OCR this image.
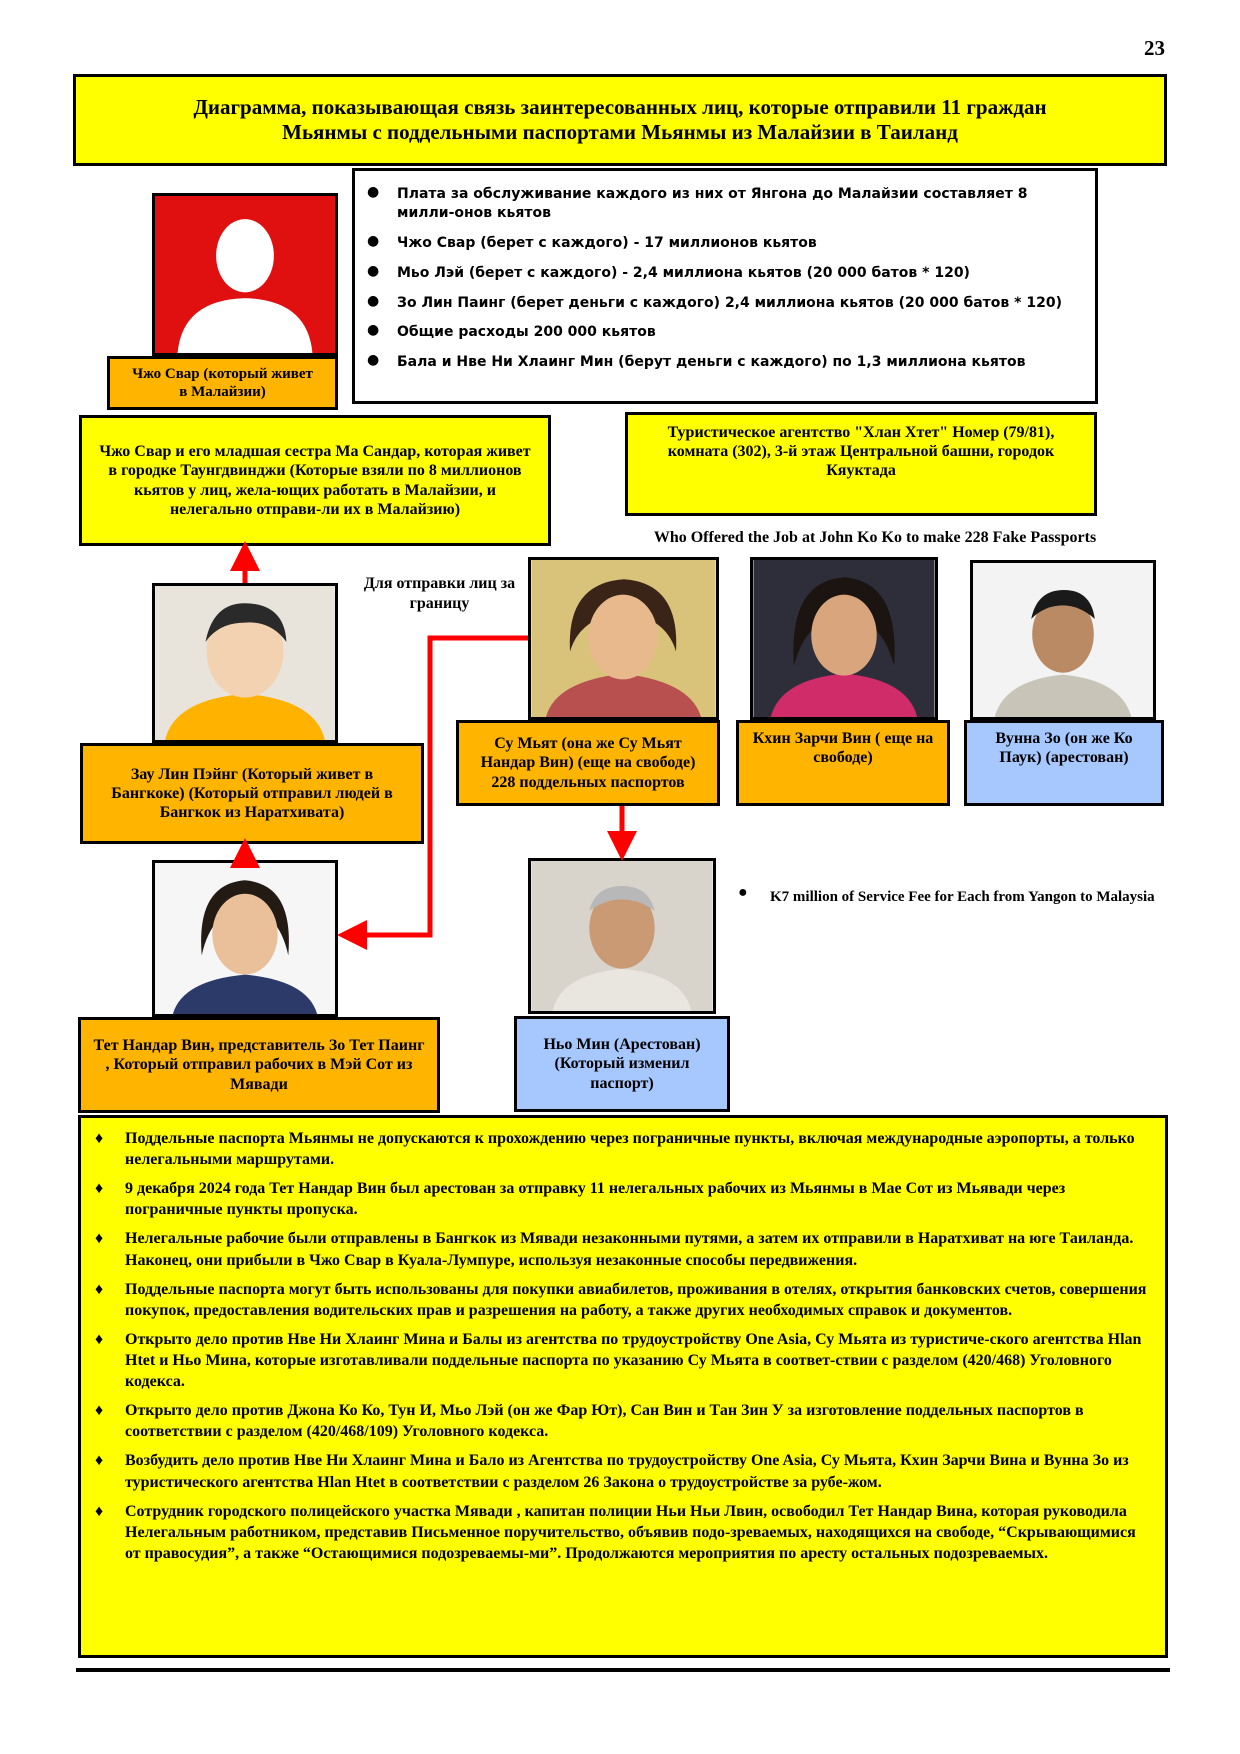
23
Диаграмма, показывающая связь заинтересованных лиц, которые отправили 11 граждан
Мьянмы с поддельными паспортами Мьянмы из Малайзии в Таиланд
● Плата за обслуживание каждого из них от Янгона до Малайзии составляет 8 милли-онов кьятов
● Чжо Свар (берет с каждого) - 17 миллионов кьятов
● Мьо Лэй (берет с каждого) - 2,4 миллиона кьятов (20 000 батов * 120)
● Зо Лин Паинг (берет деньги с каждого) 2,4 миллиона кьятов (20 000 батов * 120)
● Общие расходы 200 000 кьятов
● Бала и Нве Ни Хлаинг Мин (берут деньги с каждого) по 1,3 миллиона кьятов
Чжо Свар (который живет в Малайзии)
Чжо Свар и его младшая сестра Ма Сандар, которая живет в городке Таунгдвинджи (Которые взяли по 8 миллионов кьятов у лиц, жела-ющих работать в Малайзии, и нелегально отправи-ли их в Малайзию)
Туристическое агентство "Хлан Хтет" Номер (79/81), комната (302), 3-й этаж Центральной башни, городок Кяуктада
Who Offered the Job at John Ko Ko to make 228 Fake Passports
Для отправки лиц за границу
Зау Лин Пэйнг (Который живет в Бангкоке) (Который отправил людей в Бангкок из Наратхивата)
Су Мьят (она же Су Мьят Нандар Вин) (еще на свободе) 228 поддельных паспортов
Кхин Зарчи Вин ( еще на свободе)
Вунна Зо (он же Ко Паук) (арестован)
Тет Нандар Вин, представитель Зо Тет Паинг , Который отправил рабочих в Мэй Сот из Мявади
Ньо Мин (Арестован) (Который изменил паспорт)
● K7 million of Service Fee for Each from Yangon to Malaysia
♦ Поддельные паспорта Мьянмы не допускаются к прохождению через пограничные пункты, включая международные аэропорты, а только нелегальными маршрутами.
♦ 9 декабря 2024 года Тет Нандар Вин был арестован за отправку 11 нелегальных рабочих из Мьянмы в Мае Сот из Мьявади через пограничные пункты пропуска.
♦ Нелегальные рабочие были отправлены в Бангкок из Мявади незаконными путями, а затем их отправили в Наратхиват на юге Таиланда. Наконец, они прибыли в Чжо Свар в Куала-Лумпуре, используя незаконные способы передвижения.
♦ Поддельные паспорта могут быть использованы для покупки авиабилетов, проживания в отелях, открытия банковских счетов, совершения покупок, предоставления водительских прав и разрешения на работу, а также других необходимых справок и документов.
♦ Открыто дело против Нве Ни Хлаинг Мина и Балы из агентства по трудоустройству One Asia, Су Мьята из туристиче-ского агентства Hlan Htet и Ньо Мина, которые изготавливали поддельные паспорта по указанию Су Мьята в соответ-ствии с разделом (420/468) Уголовного кодекса.
♦ Открыто дело против Джона Ко Ко, Тун И, Мьо Лэй (он же Фар Ют), Сан Вин и Тан Зин У за изготовление поддельных паспортов в соответствии с разделом (420/468/109) Уголовного кодекса.
♦ Возбудить дело против Нве Ни Хлаинг Мина и Бало из Агентства по трудоустройству One Asia, Су Мьята, Кхин Зарчи Вина и Вунна Зо из туристического агентства Hlan Htet в соответствии с разделом 26 Закона о трудоустройстве за рубе-жом.
♦ Сотрудник городского полицейского участка Мявади , капитан полиции Ньи Ньи Лвин, освободил Тет Нандар Вина, которая руководила Нелегальным работником, представив Письменное поручительство, объявив подо-зреваемых, находящихся на свободе, “Скрывающимися от правосудия”, а также “Остающимися подозреваемы-ми”. Продолжаются мероприятия по аресту остальных подозреваемых.
